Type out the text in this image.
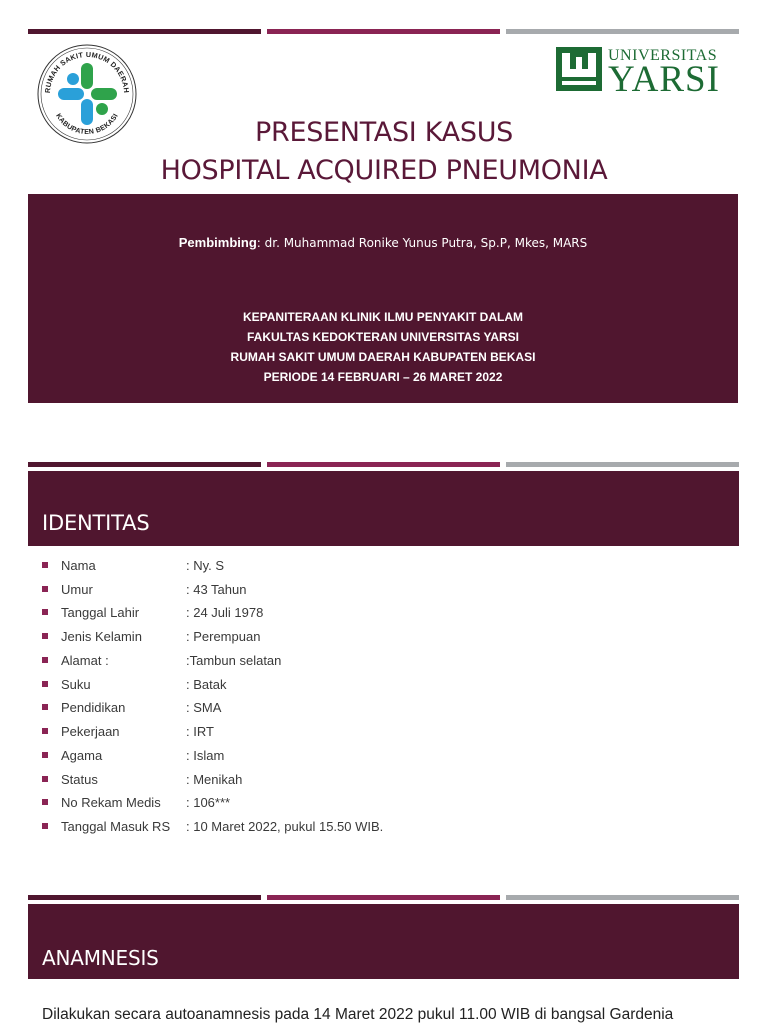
RUMAH SAKIT UMUM DAERAH
KABUPATEN BEKASI
UNIVERSITAS
YARSI
PRESENTASI KASUS
HOSPITAL ACQUIRED PNEUMONIA
Pembimbing: dr. Muhammad Ronike Yunus Putra, Sp.P, Mkes, MARS
KEPANITERAAN KLINIK ILMU PENYAKIT DALAM
FAKULTAS KEDOKTERAN UNIVERSITAS YARSI
RUMAH SAKIT UMUM DAERAH KABUPATEN BEKASI
PERIODE 14 FEBRUARI – 26 MARET 2022
IDENTITAS
Nama	: Ny. S
Umur	: 43 Tahun
Tanggal Lahir	: 24 Juli 1978
Jenis Kelamin	: Perempuan
Alamat :	:Tambun selatan
Suku	: Batak
Pendidikan	: SMA
Pekerjaan	: IRT
Agama	: Islam
Status	: Menikah
No Rekam Medis	: 106***
Tanggal Masuk RS	: 10 Maret 2022, pukul 15.50 WIB.
ANAMNESIS
Dilakukan secara autoanamnesis pada 14 Maret 2022 pukul 11.00 WIB di bangsal Gardenia
